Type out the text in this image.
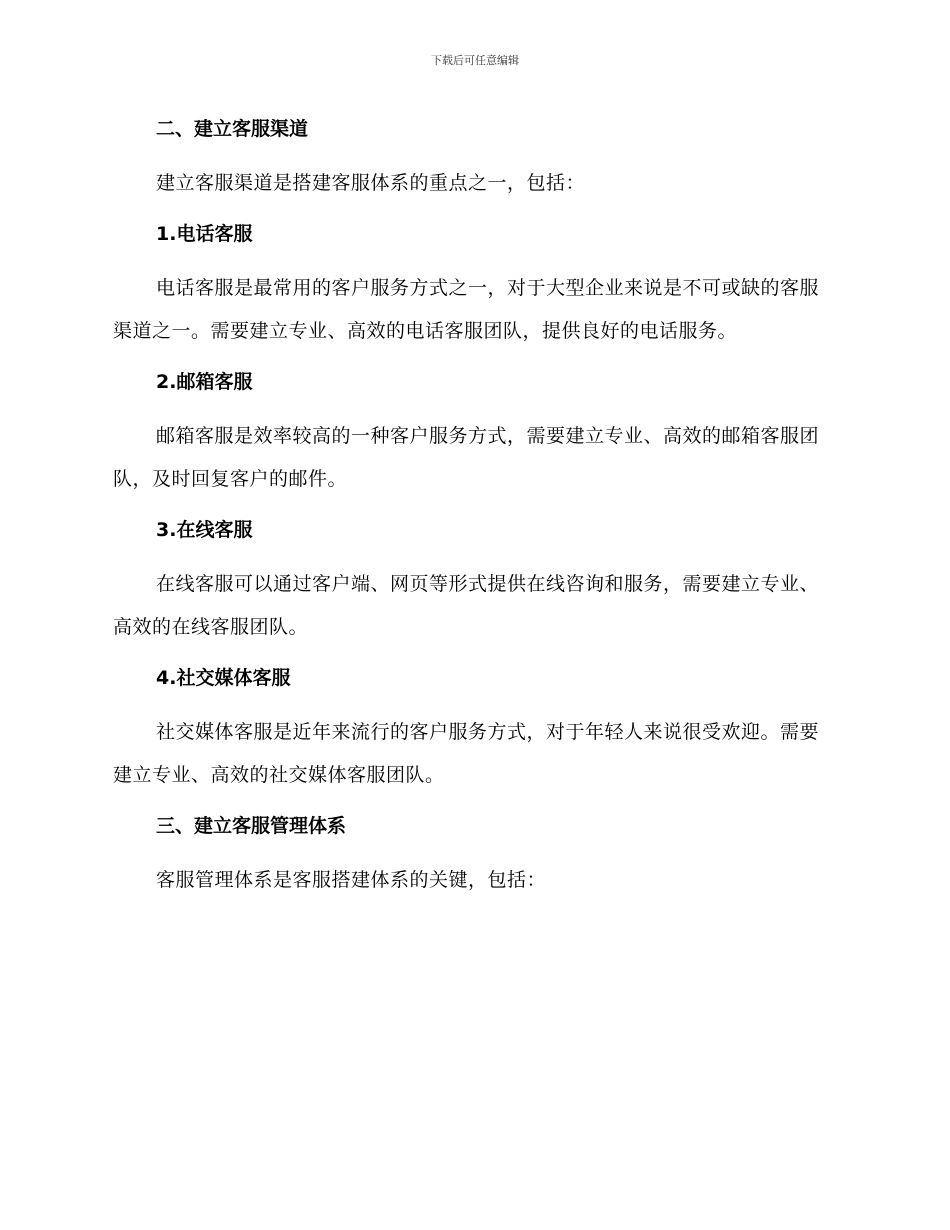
下载后可任意编辑

二、建立客服渠道

建立客服渠道是搭建客服体系的重点之一，包括：

1.电话客服

电话客服是最常用的客户服务方式之一，对于大型企业来说是不可或缺的客服渠道之一。需要建立专业、高效的电话客服团队，提供良好的电话服务。

2.邮箱客服

邮箱客服是效率较高的一种客户服务方式，需要建立专业、高效的邮箱客服团队，及时回复客户的邮件。

3.在线客服

在线客服可以通过客户端、网页等形式提供在线咨询和服务，需要建立专业、高效的在线客服团队。

4.社交媒体客服

社交媒体客服是近年来流行的客户服务方式，对于年轻人来说很受欢迎。需要建立专业、高效的社交媒体客服团队。

三、建立客服管理体系

客服管理体系是客服搭建体系的关键，包括：
